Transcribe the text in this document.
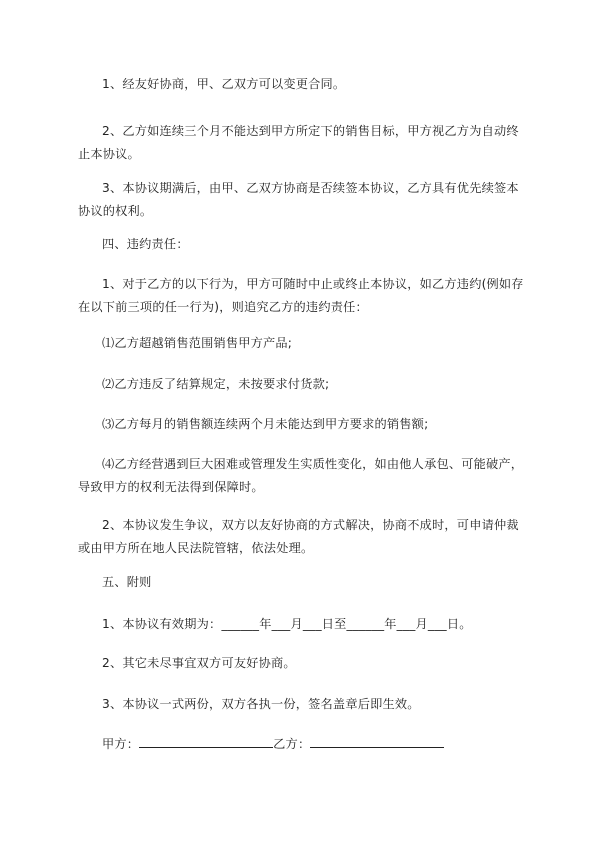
1、经友好协商，甲、乙双方可以变更合同。

2、乙方如连续三个月不能达到甲方所定下的销售目标，甲方视乙方为自动终止本协议。

3、本协议期满后，由甲、乙双方协商是否续签本协议，乙方具有优先续签本协议的权利。

四、违约责任：

1、对于乙方的以下行为，甲方可随时中止或终止本协议，如乙方违约(例如存在以下前三项的任一行为)，则追究乙方的违约责任：

⑴乙方超越销售范围销售甲方产品;

⑵乙方违反了结算规定，未按要求付货款;

⑶乙方每月的销售额连续两个月未能达到甲方要求的销售额;

⑷乙方经营遇到巨大困难或管理发生实质性变化，如由他人承包、可能破产，导致甲方的权利无法得到保障时。

2、本协议发生争议，双方以友好协商的方式解决，协商不成时，可申请仲裁或由甲方所在地人民法院管辖，依法处理。

五、附则

1、本协议有效期为：______年___月___日至______年___月___日。

2、其它未尽事宜双方可友好协商。

3、本协议一式两份，双方各执一份，签名盖章后即生效。

甲方：	乙方：
